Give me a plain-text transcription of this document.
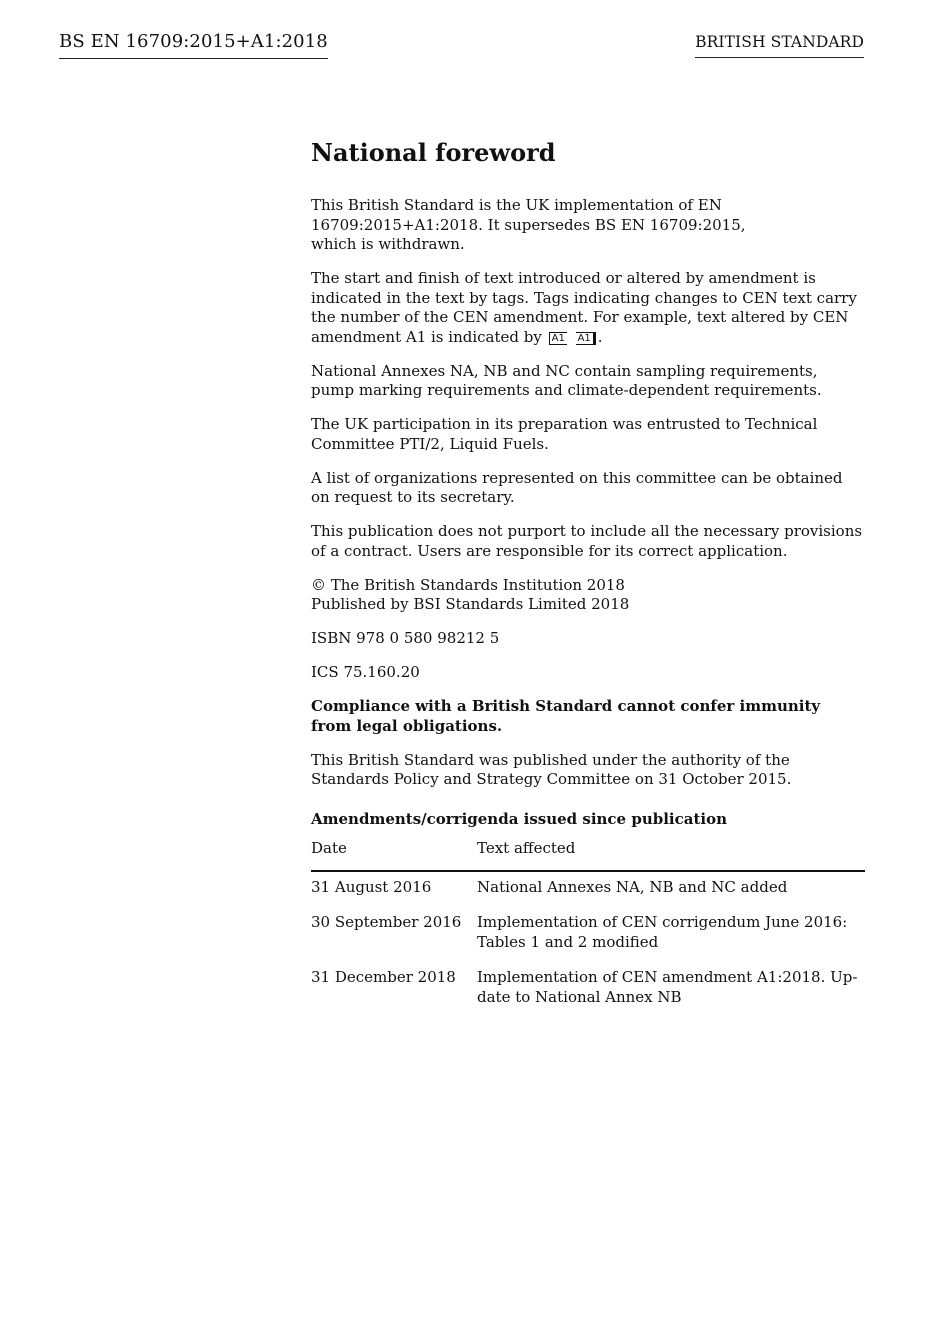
BS EN 16709:2015+A1:2018	BRITISH STANDARD
National foreword

This British Standard is the UK implementation of EN 16709:2015+A1:2018. It supersedes BS EN 16709:2015, which is withdrawn.

The start and finish of text introduced or altered by amendment is indicated in the text by tags. Tags indicating changes to CEN text carry the number of the CEN amendment. For example, text altered by CEN amendment A1 is indicated by A1 A1 .

National Annexes NA, NB and NC contain sampling requirements, pump marking requirements and climate-dependent requirements.

The UK participation in its preparation was entrusted to Technical Committee PTI/2, Liquid Fuels.

A list of organizations represented on this committee can be obtained on request to its secretary.

This publication does not purport to include all the necessary provisions of a contract. Users are responsible for its correct application.

© The British Standards Institution 2018
Published by BSI Standards Limited 2018

ISBN 978 0 580 98212 5

ICS 75.160.20

Compliance with a British Standard cannot confer immunity from legal obligations.

This British Standard was published under the authority of the Standards Policy and Strategy Committee on 31 October 2015.

Amendments/corrigenda issued since publication
Date	Text affected
31 August 2016	National Annexes NA, NB and NC added
30 September 2016	Implementation of CEN corrigendum June 2016: Tables 1 and 2 modified
31 December 2018	Implementation of CEN amendment A1:2018. Update to National Annex NB
